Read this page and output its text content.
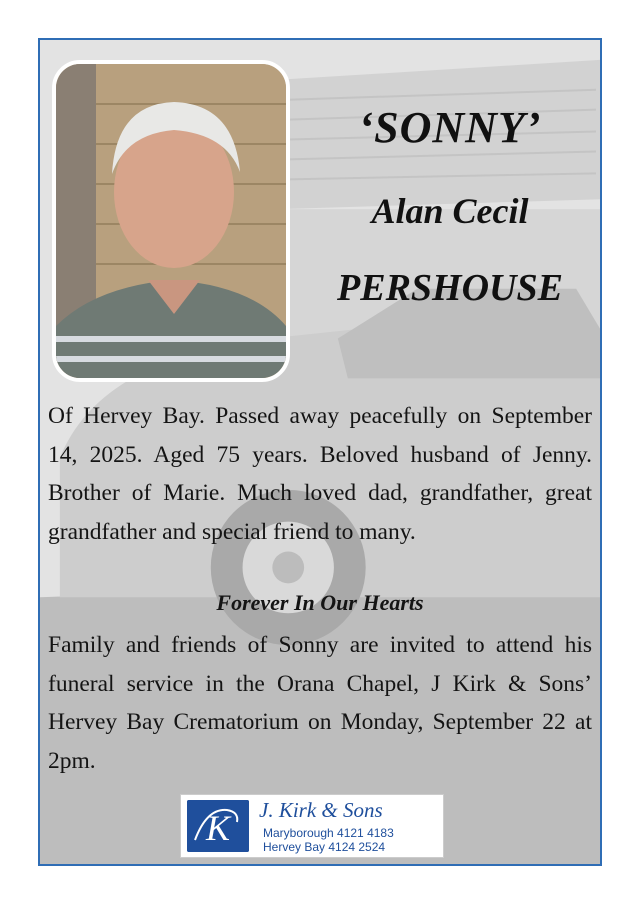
‘SONNY’
Alan Cecil
PERSHOUSE
Of Hervey Bay. Passed away peacefully on September 14, 2025. Aged 75 years. Beloved husband of Jenny. Brother of Marie. Much loved dad, grandfather, great grandfather and special friend to many.
Forever In Our Hearts
Family and friends of Sonny are invited to attend his funeral service in the Orana Chapel, J Kirk & Sons’ Hervey Bay Crematorium on Monday, September 22 at 2pm.
K J. Kirk & Sons
Maryborough 4121 4183
Hervey Bay 4124 2524
